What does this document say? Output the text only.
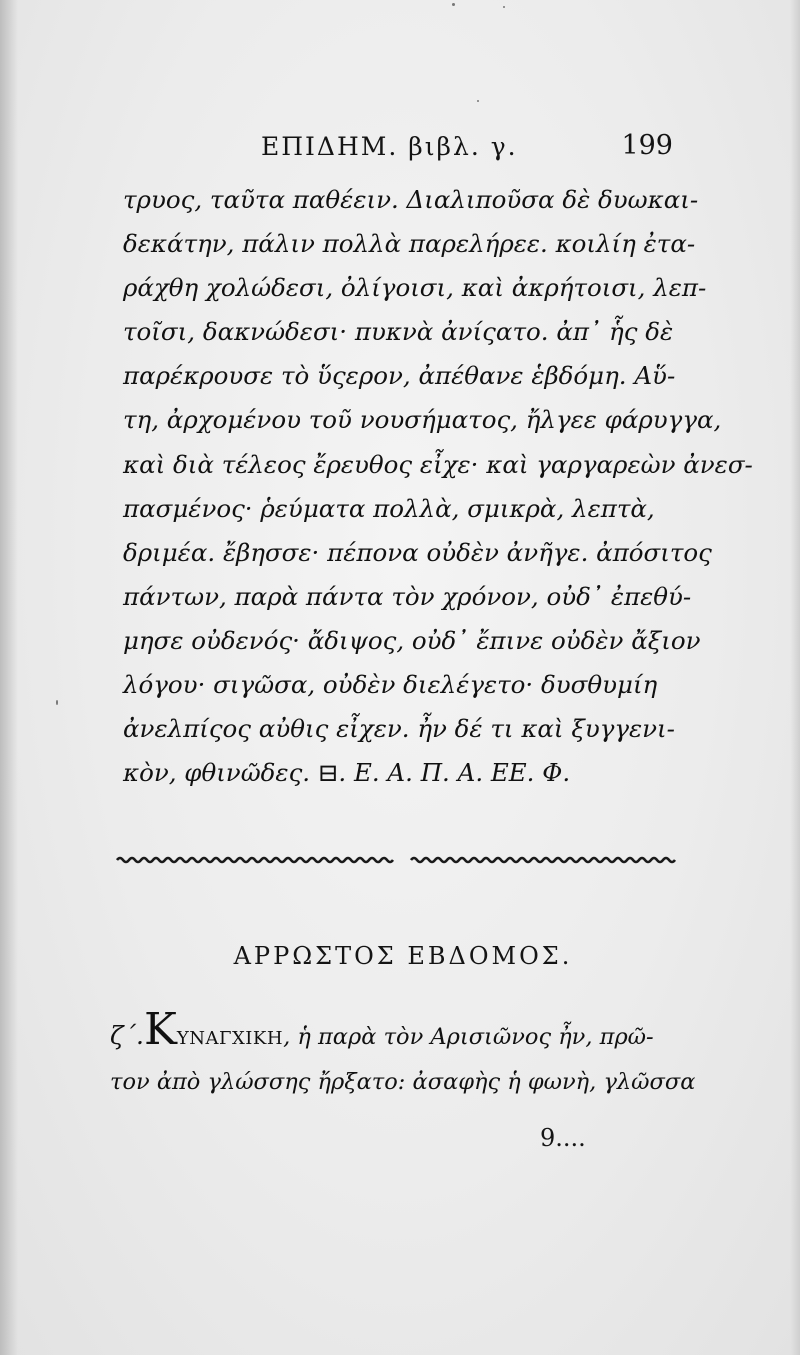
ΕΠΙΔΗΜ. βιβλ. γ.	199
τρυος, ταῦτα παθέειν. Διαλιποῦσα δὲ δυωκαι-
δεκάτην, πάλιν πολλὰ παρελήρεε. κοιλίη ἐτα-
ράχθη χολώδεσι, ὀλίγοισι, καὶ ἀκρήτοισι, λεπ-
τοῖσι, δακνώδεσι· πυκνὰ ἀνίςατο. ἀπ᾽ ἧς δὲ
παρέκρουσε τὸ ὕςερον, ἀπέθανε ἑβδόμη. Αὕ-
τη, ἀρχομένου τοῦ νουσήματος, ἤλγεε φάρυγγα,
καὶ διὰ τέλεος ἔρευθος εἶχε· καὶ γαργαρεὼν ἀνεσ-
πασμένος· ῥεύματα πολλὰ, σμικρὰ, λεπτὰ,
δριμέα. ἔβησσε· πέπονα οὐδὲν ἀνῆγε. ἀπόσιτος
πάντων, παρὰ πάντα τὸν χρόνον, οὐδ᾽ ἐπεθύ-
μησε οὐδενός· ἄδιψος, οὐδ᾽ ἔπινε οὐδὲν ἄξιον
λόγου· σιγῶσα, οὐδὲν διελέγετο· δυσθυμίη
ἀνελπίςος αὐθις εἶχεν. ἦν δέ τι καὶ ξυγγενι-
κὸν, φθινῶδες. ⊟. Ε. Α. Π. Α. ΕΕ. Φ.
ΑΡΡΩΣΤΟΣ ΕΒΔΟΜΟΣ.
ζ΄.ΚΥΝΑΓΧΙΚΗ, ἡ παρὰ τὸν Αρισιῶνος ἦν, πρῶ-
τον ἀπὸ γλώσσης ἤρξατο: ἀσαφὴς ἡ φωνὴ, γλῶσσα
9....
